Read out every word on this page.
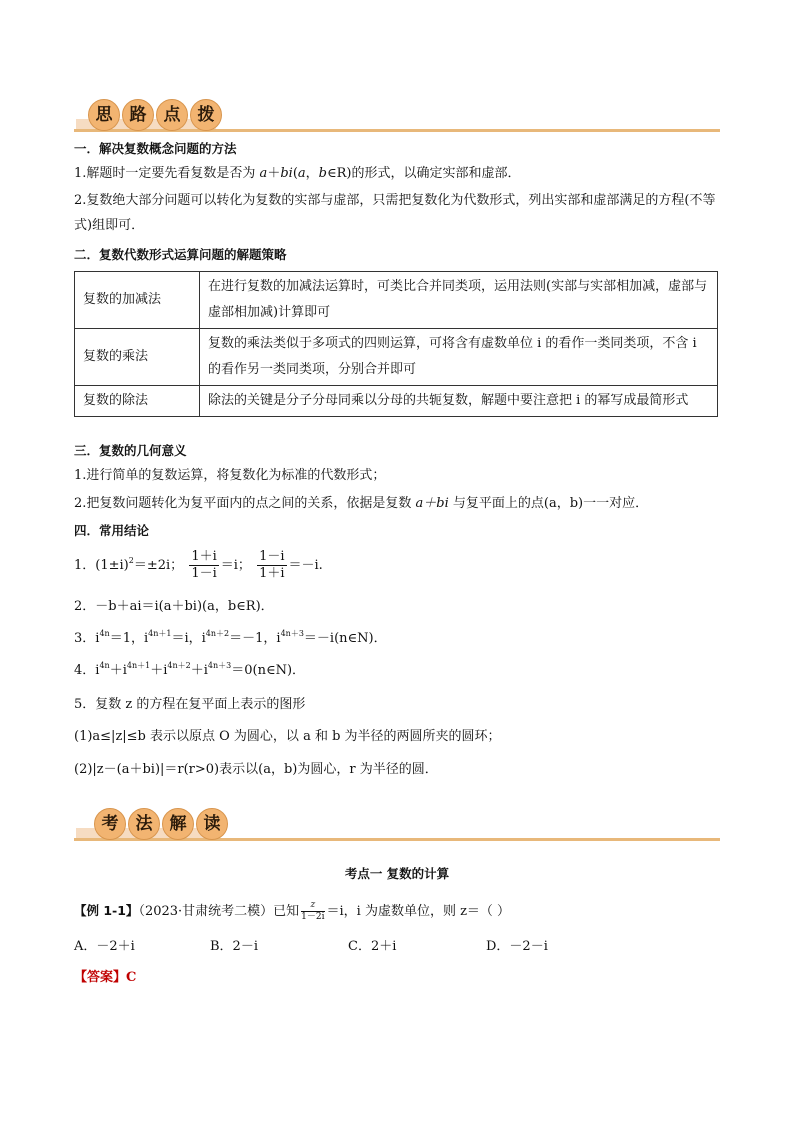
思	路	点	拨
一．解决复数概念问题的方法
1.解题时一定要先看复数是否为 a＋bi(a，b∈R)的形式，以确定实部和虚部．
2.复数绝大部分问题可以转化为复数的实部与虚部，只需把复数化为代数形式，列出实部和虚部满足的方程(不等式)组即可．
二．复数代数形式运算问题的解题策略
复数的加减法	在进行复数的加减法运算时，可类比合并同类项，运用法则(实部与实部相加减，虚部与虚部相加减)计算即可
复数的乘法	复数的乘法类似于多项式的四则运算，可将含有虚数单位 i 的看作一类同类项，不含 i 的看作另一类同类项，分别合并即可
复数的除法	除法的关键是分子分母同乘以分母的共轭复数，解题中要注意把 i 的幂写成最简形式
三．复数的几何意义
1.进行简单的复数运算，将复数化为标准的代数形式；
2.把复数问题转化为复平面内的点之间的关系，依据是复数 a＋bi 与复平面上的点(a，b)一一对应．
四．常用结论
1．$(1\pm i)^2=\pm 2i$； $\frac{1+i}{1-i} =i$； $\frac{1-i}{1+i} =-i$.
2．－b＋ai＝i(a＋bi)(a，b∈R)．
3．$i^{4n}=1$，$i^{4n+1}=i$，$i^{4n+2}=-1$，$i^{4n+3}=-i(n\in N)$．
4．$i^{4n}+i^{4n+1}+i^{4n+2}+i^{4n+3}=0(n\in N)$．
5．复数 z 的方程在复平面上表示的图形
(1)a≤|z|≤b 表示以原点 O 为圆心，以 a 和 b 为半径的两圆所夹的圆环；
(2)|z－(a＋bi)|＝r(r>0)表示以(a，b)为圆心，r 为半径的圆．
考	法	解	读
考点一 复数的计算
【例 1-1】（2023·甘肃统考二模）已知 $\frac{z}{1-2i} =i$，i 为虚数单位，则 z＝（ ）
A．－2＋i	B．2－i	C．2＋i	D．－2－i
【答案】C
